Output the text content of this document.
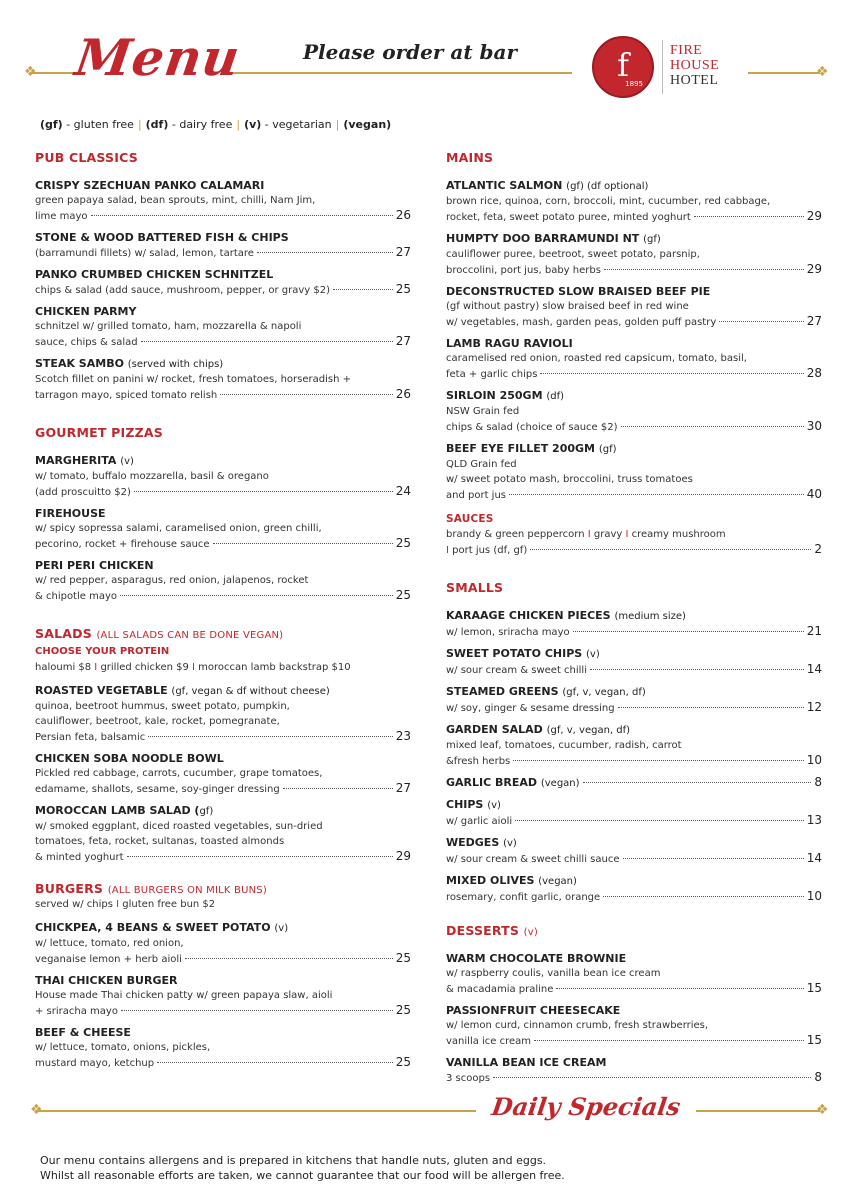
❖	❖
Menu	Please order at bar	f
1895
FIRE
HOUSE
HOTEL
(gf) - gluten free | (df) - dairy free | (v) - vegetarian | (vegan)
PUB CLASSICS
CRISPY SZECHUAN PANKO CALAMARI
green papaya salad, bean sprouts, mint, chilli, Nam Jim,
lime mayo	26
STONE & WOOD BATTERED FISH & CHIPS
(barramundi fillets) w/ salad, lemon, tartare	27
PANKO CRUMBED CHICKEN SCHNITZEL
chips & salad (add sauce, mushroom, pepper, or gravy $2)	25
CHICKEN PARMY
schnitzel w/ grilled tomato, ham, mozzarella & napoli
sauce, chips & salad	27
STEAK SAMBO (served with chips)
Scotch fillet on panini w/ rocket, fresh tomatoes, horseradish +
tarragon mayo, spiced tomato relish	26
GOURMET PIZZAS
MARGHERITA (v)
w/ tomato, buffalo mozzarella, basil & oregano
(add proscuitto $2)	24
FIREHOUSE
w/ spicy sopressa salami, caramelised onion, green chilli,
pecorino, rocket + firehouse sauce	25
PERI PERI CHICKEN
w/ red pepper, asparagus, red onion, jalapenos, rocket
& chipotle mayo	25
SALADS (ALL SALADS CAN BE DONE VEGAN)
CHOOSE YOUR PROTEIN
haloumi $8 I grilled chicken $9 I moroccan lamb backstrap $10
ROASTED VEGETABLE (gf, vegan & df without cheese)
quinoa, beetroot hummus, sweet potato, pumpkin,
cauliflower, beetroot, kale, rocket, pomegranate,
Persian feta, balsamic	23
CHICKEN SOBA NOODLE BOWL
Pickled red cabbage, carrots, cucumber, grape tomatoes,
edamame, shallots, sesame, soy-ginger dressing	27
MOROCCAN LAMB SALAD (gf)
w/ smoked eggplant, diced roasted vegetables, sun-dried
tomatoes, feta, rocket, sultanas, toasted almonds
& minted yoghurt	29
BURGERS (ALL BURGERS ON MILK BUNS)
served w/ chips I gluten free bun $2
CHICKPEA, 4 BEANS & SWEET POTATO (v)
w/ lettuce, tomato, red onion,
veganaise lemon + herb aioli	25
THAI CHICKEN BURGER
House made Thai chicken patty w/ green papaya slaw, aioli
+ sriracha mayo	25
BEEF & CHEESE
w/ lettuce, tomato, onions, pickles,
mustard mayo, ketchup	25
MAINS
ATLANTIC SALMON (gf) (df optional)
brown rice, quinoa, corn, broccoli, mint, cucumber, red cabbage,
rocket, feta, sweet potato puree, minted yoghurt	29
HUMPTY DOO BARRAMUNDI NT (gf)
cauliflower puree, beetroot, sweet potato, parsnip,
broccolini, port jus, baby herbs	29
DECONSTRUCTED SLOW BRAISED BEEF PIE
(gf without pastry) slow braised beef in red wine
w/ vegetables, mash, garden peas, golden puff pastry	27
LAMB RAGU RAVIOLI
caramelised red onion, roasted red capsicum, tomato, basil,
feta + garlic chips	28
SIRLOIN 250GM (df)
NSW Grain fed
chips & salad (choice of sauce $2)	30
BEEF EYE FILLET 200GM (gf)
QLD Grain fed
w/ sweet potato mash, broccolini, truss tomatoes
and port jus	40
SAUCES
brandy & green peppercorn I gravy I creamy mushroom
I port jus (df, gf)	2
SMALLS
KARAAGE CHICKEN PIECES (medium size)
w/ lemon, sriracha mayo	21
SWEET POTATO CHIPS (v)
w/ sour cream & sweet chilli	14
STEAMED GREENS (gf, v, vegan, df)
w/ soy, ginger & sesame dressing	12
GARDEN SALAD (gf, v, vegan, df)
mixed leaf, tomatoes, cucumber, radish, carrot
&fresh herbs	10
GARLIC BREAD (vegan)	8
CHIPS (v)
w/ garlic aioli	13
WEDGES (v)
w/ sour cream & sweet chilli sauce	14
MIXED OLIVES (vegan)
rosemary, confit garlic, orange	10
DESSERTS (v)
WARM CHOCOLATE BROWNIE
w/ raspberry coulis, vanilla bean ice cream
& macadamia praline	15
PASSIONFRUIT CHEESECAKE
w/ lemon curd, cinnamon crumb, fresh strawberries,
vanilla ice cream	15
VANILLA BEAN ICE CREAM
3 scoops	8
❖	❖
Daily Specials
Our menu contains allergens and is prepared in kitchens that handle nuts, gluten and eggs.
Whilst all reasonable efforts are taken, we cannot guarantee that our food will be allergen free.
